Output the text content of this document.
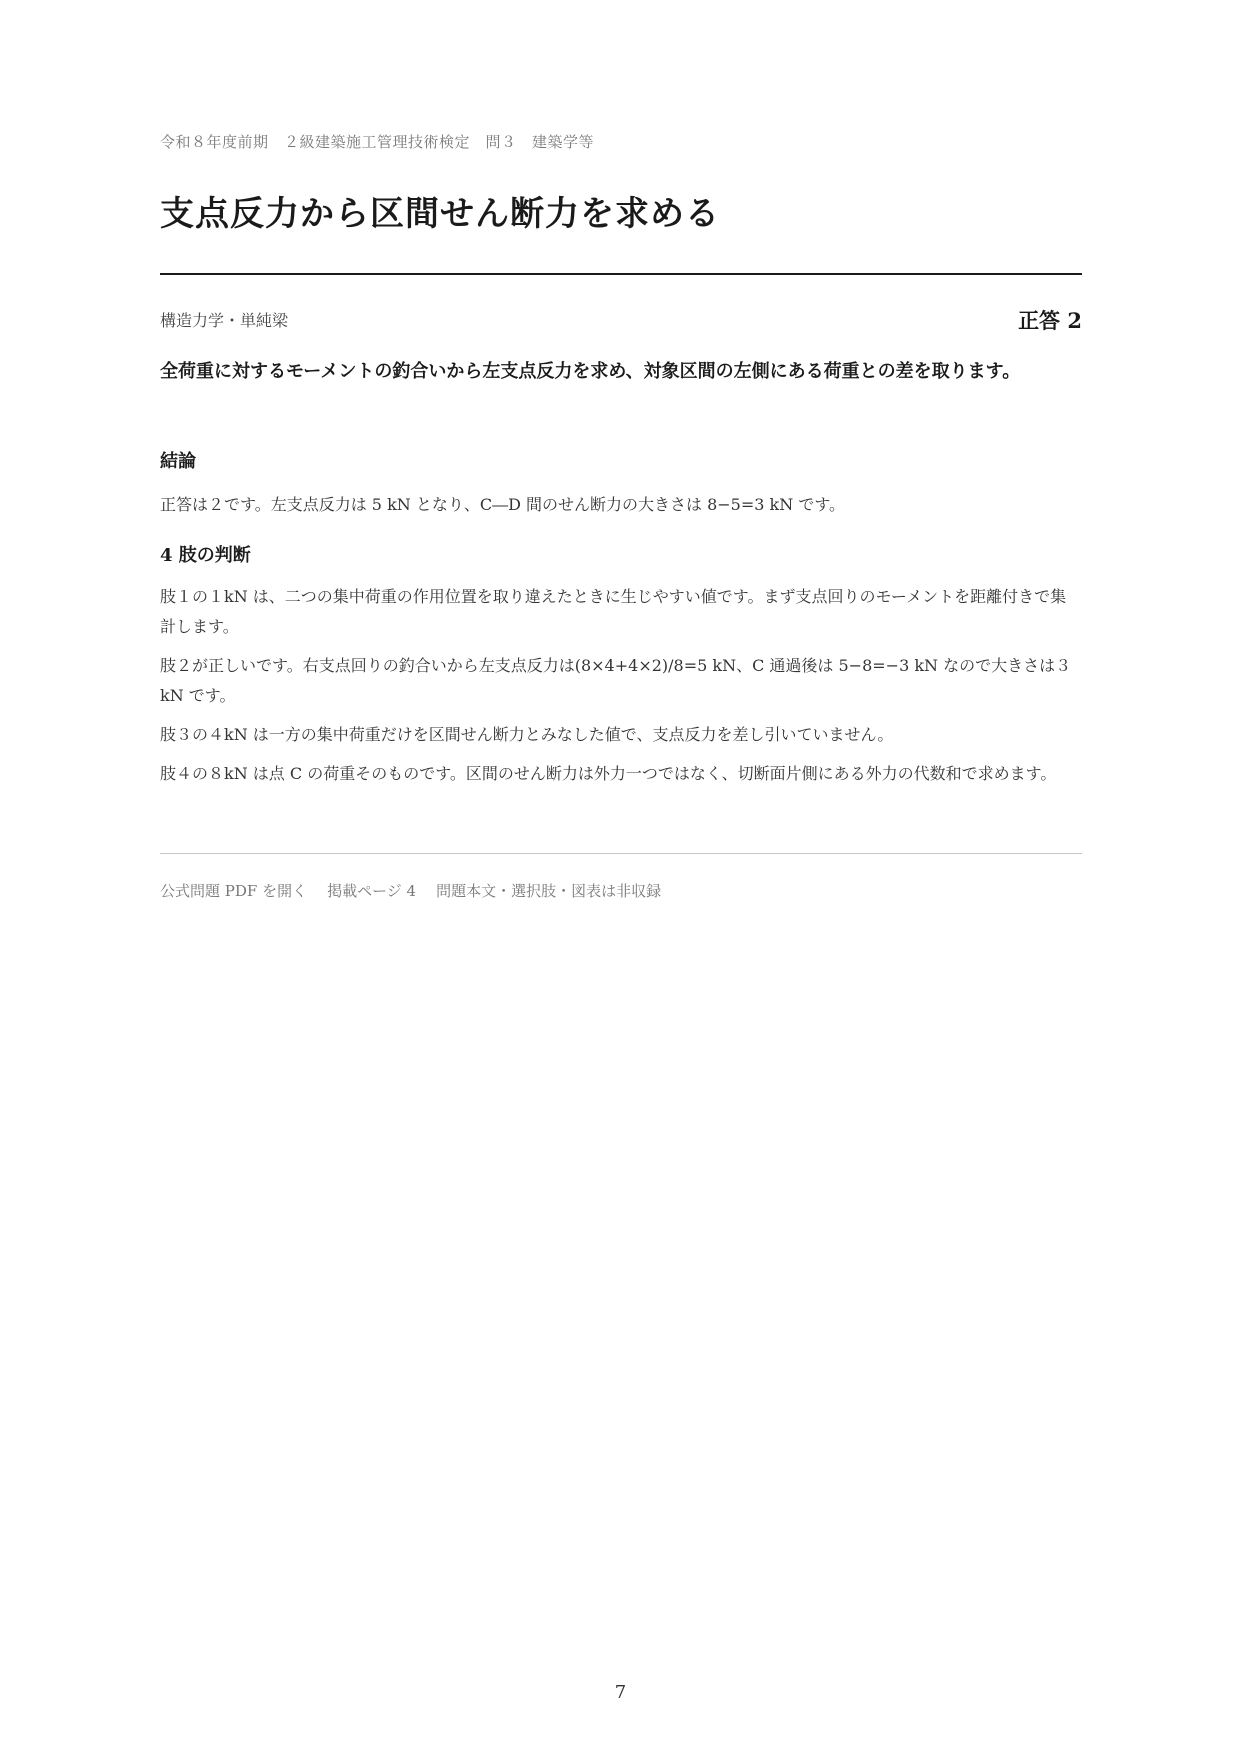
令和８年度前期　２級建築施工管理技術検定　問３　建築学等
支点反力から区間せん断力を求める
構造力学・単純梁	正答 2

全荷重に対するモーメントの釣合いから左支点反力を求め、対象区間の左側にある荷重との差を取ります。

結論

正答は２です。左支点反力は 5 kN となり、C―D 間のせん断力の大きさは 8−5=3 kN です。

4 肢の判断
肢１の１kN は、二つの集中荷重の作用位置を取り違えたときに生じやすい値です。まず支点回りのモーメントを距離付きで集計します。
肢２が正しいです。右支点回りの釣合いから左支点反力は(8×4+4×2)/8=5 kN、C 通過後は 5−8=−3 kN なので大きさは３kN です。
肢３の４kN は一方の集中荷重だけを区間せん断力とみなした値で、支点反力を差し引いていません。
肢４の８kN は点 C の荷重そのものです。区間のせん断力は外力一つではなく、切断面片側にある外力の代数和で求めます。
公式問題 PDF を開く 掲載ページ 4 問題本文・選択肢・図表は非収録
7
